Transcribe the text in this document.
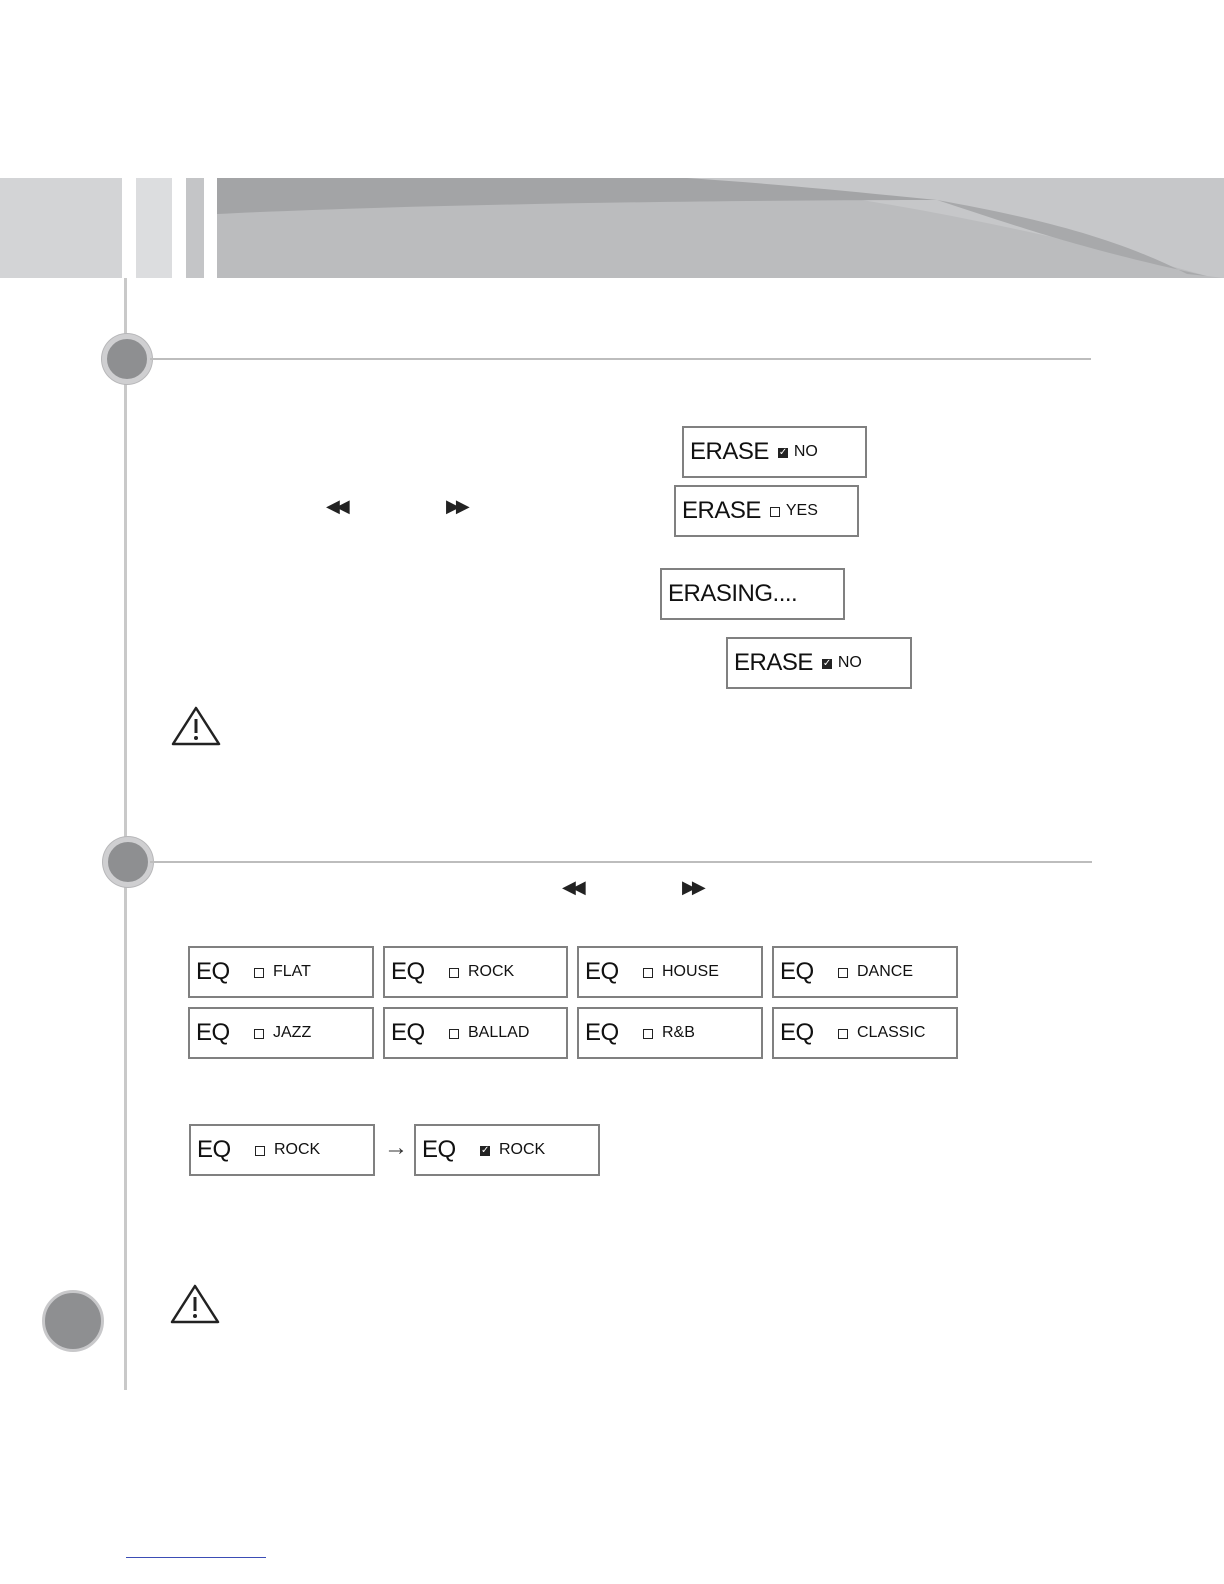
◀◀	▶▶
ERASE ✓ NO
ERASE YES
ERASING....
ERASE ✓ NO
◀◀	▶▶
EQ	FLAT	EQ	ROCK	EQ	HOUSE	EQ	DANCE
EQ	JAZZ	EQ	BALLAD EQ	R&B	EQ	CLASSIC
EQ	ROCK	→ EQ	✓ ROCK
